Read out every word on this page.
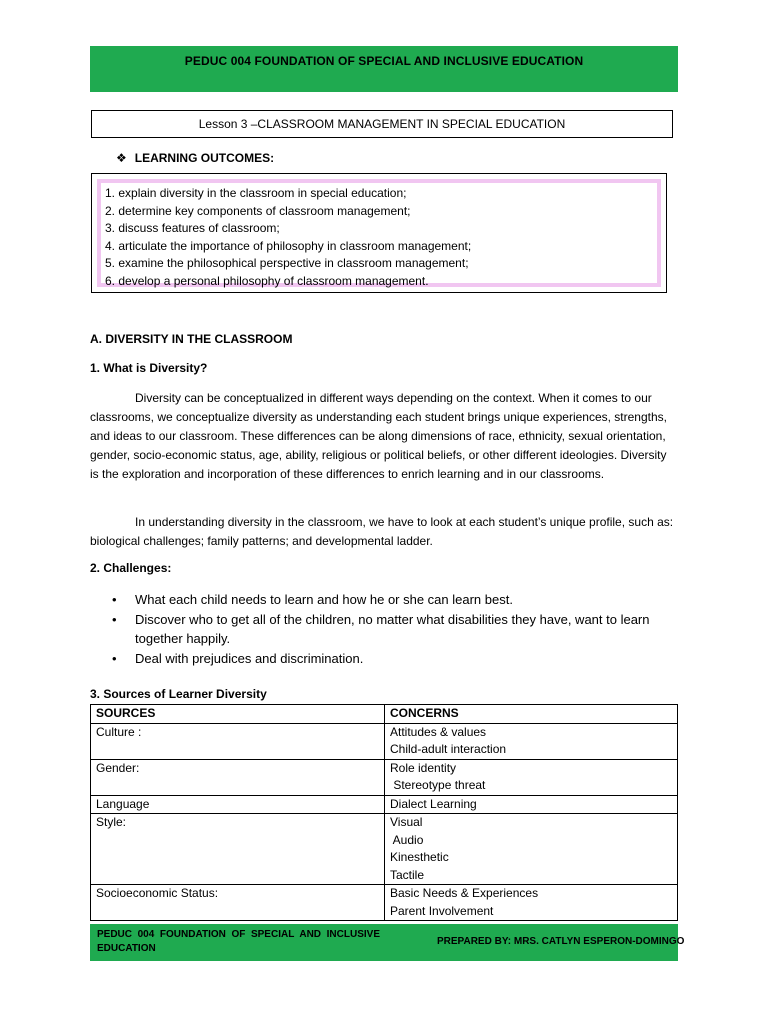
PEDUC 004 FOUNDATION OF SPECIAL AND INCLUSIVE EDUCATION
Lesson 3 –CLASSROOM MANAGEMENT IN SPECIAL EDUCATION
❖ LEARNING OUTCOMES:
1. explain diversity in the classroom in special education;
2. determine key components of classroom management;
3. discuss features of classroom;
4. articulate the importance of philosophy in classroom management;
5. examine the philosophical perspective in classroom management;
6. develop a personal philosophy of classroom management.
A. DIVERSITY IN THE CLASSROOM
1. What is Diversity?

Diversity can be conceptualized in different ways depending on the context. When it comes to our classrooms, we conceptualize diversity as understanding each student brings unique experiences, strengths, and ideas to our classroom. These differences can be along dimensions of race, ethnicity, sexual orientation, gender, socio-economic status, age, ability, religious or political beliefs, or other different ideologies. Diversity is the exploration and incorporation of these differences to enrich learning and in our classrooms.

In understanding diversity in the classroom, we have to look at each student’s unique profile, such as: biological challenges; family patterns; and developmental ladder.

2. Challenges:
•	What each child needs to learn and how he or she can learn best.
•	Discover who to get all of the children, no matter what disabilities they have, want to learn together happily.
•	Deal with prejudices and discrimination.
3. Sources of Learner Diversity
SOURCES	CONCERNS
Culture :	Attitudes & values
Child-adult interaction

Gender:	Role identity
Stereotype threat

Language	Dialect Learning

Style:	Visual
Audio
Kinesthetic
Tactile

Socioeconomic Status:	Basic Needs & Experiences
Parent Involvement
PEDUC 004 FOUNDATION OF SPECIAL AND INCLUSIVE EDUCATION
PREPARED BY: MRS. CATLYN ESPERON-DOMINGO
